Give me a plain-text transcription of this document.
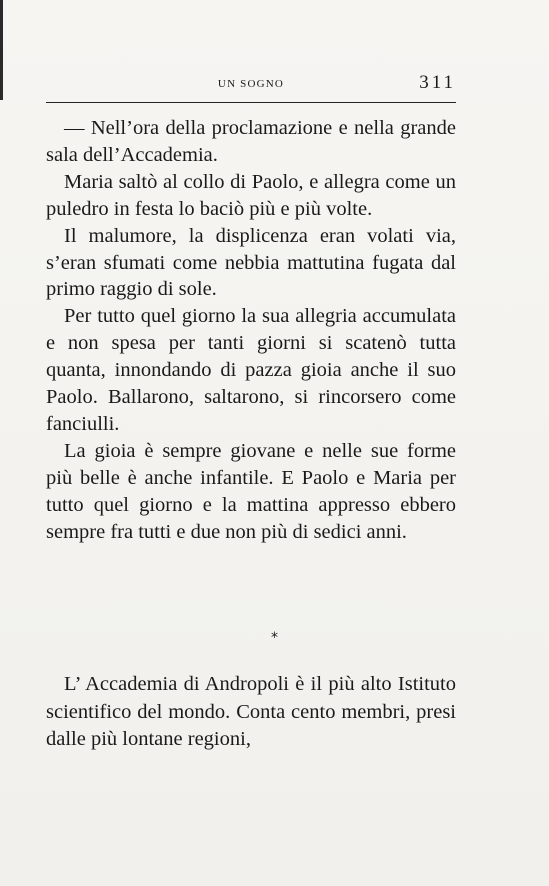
UN SOGNO	311

— Nell’ora della proclamazione e nella grande sala dell’Accademia.

Maria saltò al collo di Paolo, e allegra come un puledro in festa lo baciò più e più volte.

Il malumore, la displicenza eran volati via, s’eran sfumati come nebbia mattutina fugata dal primo raggio di sole.

Per tutto quel giorno la sua allegria accumulata e non spesa per tanti giorni si scatenò tutta quanta, innondando di pazza gioia anche il suo Paolo. Ballarono, saltarono, si rincorsero come fanciulli.

La gioia è sempre giovane e nelle sue forme più belle è anche infantile. E Paolo e Maria per tutto quel giorno e la mattina appresso ebbero sempre fra tutti e due non più di sedici anni.

*

L’ Accademia di Andropoli è il più alto Istituto scientifico del mondo. Conta cento membri, presi dalle più lontane regioni,
